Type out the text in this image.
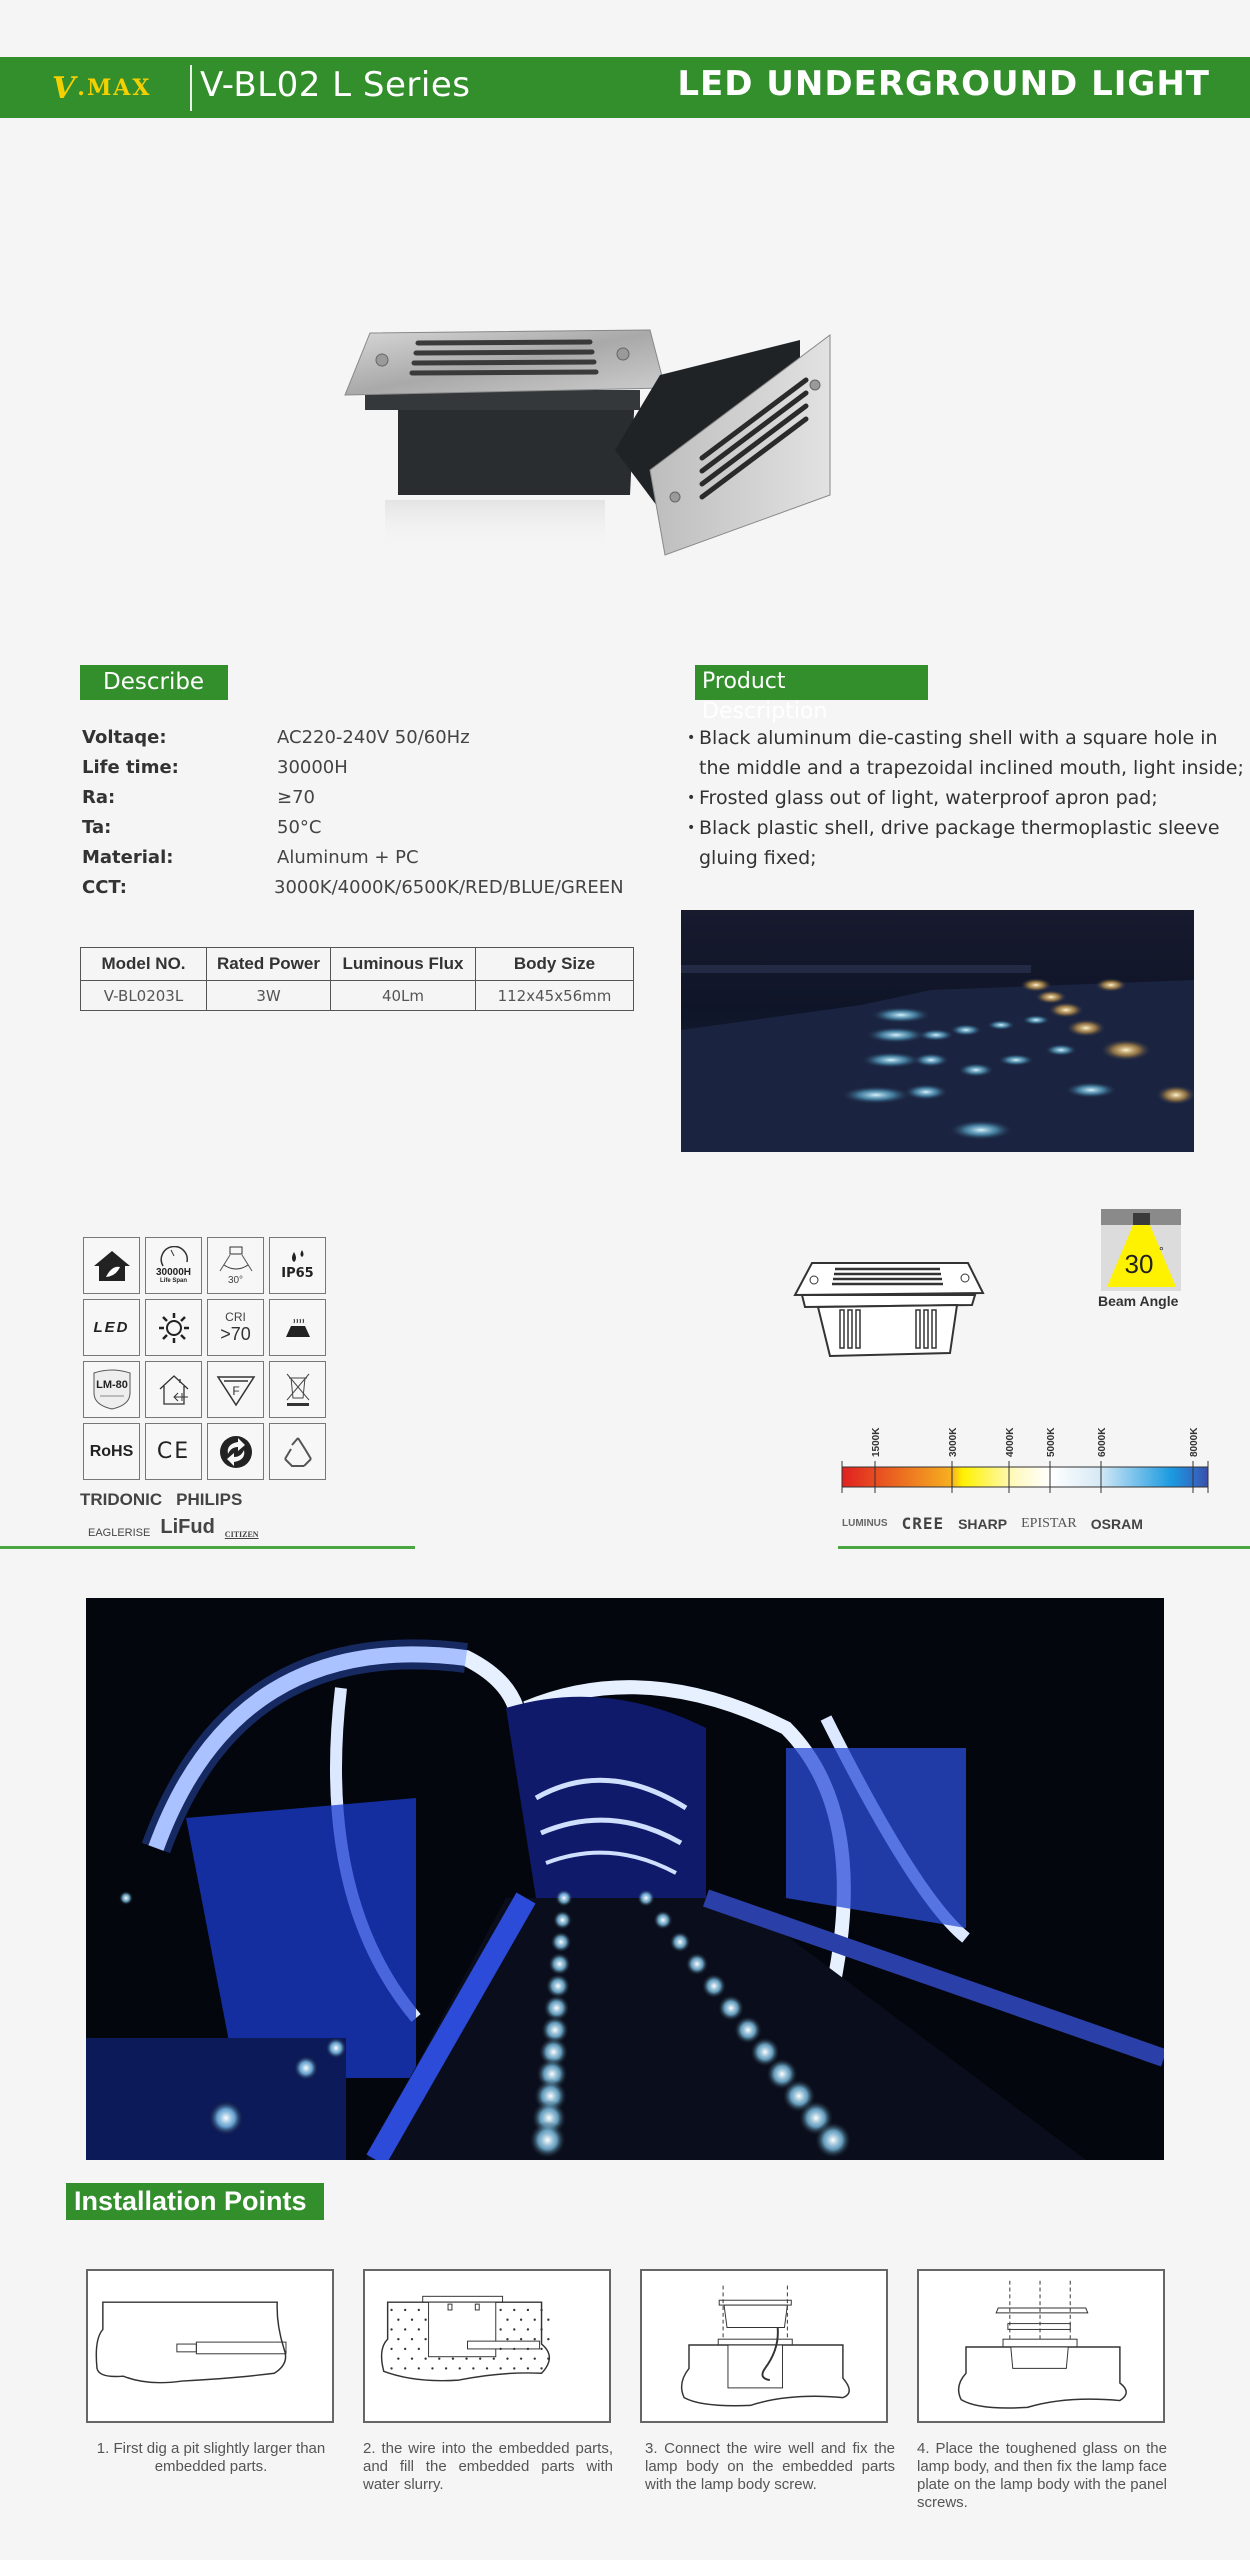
V .MAX V-BL02 L Series	LED UNDERGROUND LIGHT
Describe
Voltaqe:	AC220-240V 50/60Hz
Life time:	30000H
Ra:	≥70
Ta:	50°C
Material:	Aluminum + PC
CCT:	3000K/4000K/6500K/RED/BLUE/GREEN
Model NO.	Rated Power	Luminous Flux	Body Size
V-BL0203L	3W	40Lm	112x45x56mm
Product Description
• Black aluminum die-casting shell with a square hole in the middle and a trapezoidal inclined mouth, light inside;
• Frosted glass out of light, waterproof apron pad;
• Black plastic shell, drive package thermoplastic sleeve gluing fixed;
30000H
Life Span	30°	IP65
LED
CRI
>70
LM-80	F
RoHS CE
TRIDONIC PHILIPS
EAGLERISE LiFud CITIZEN
30 °
Beam Angle
1500K	3000K	4000K	5000K	6000K	8000K
LUMINUS CREE SHARP EPISTAR OSRAM
Installation Points
1. First dig a pit slightly larger than embedded parts.
2. the wire into the embedded parts, and fill the embedded parts with water slurry.
3. Connect the wire well and fix the lamp body on the embedded parts with the lamp body screw.
4. Place the toughened glass on the lamp body, and then fix the lamp face plate on the lamp body with the panel screws.
